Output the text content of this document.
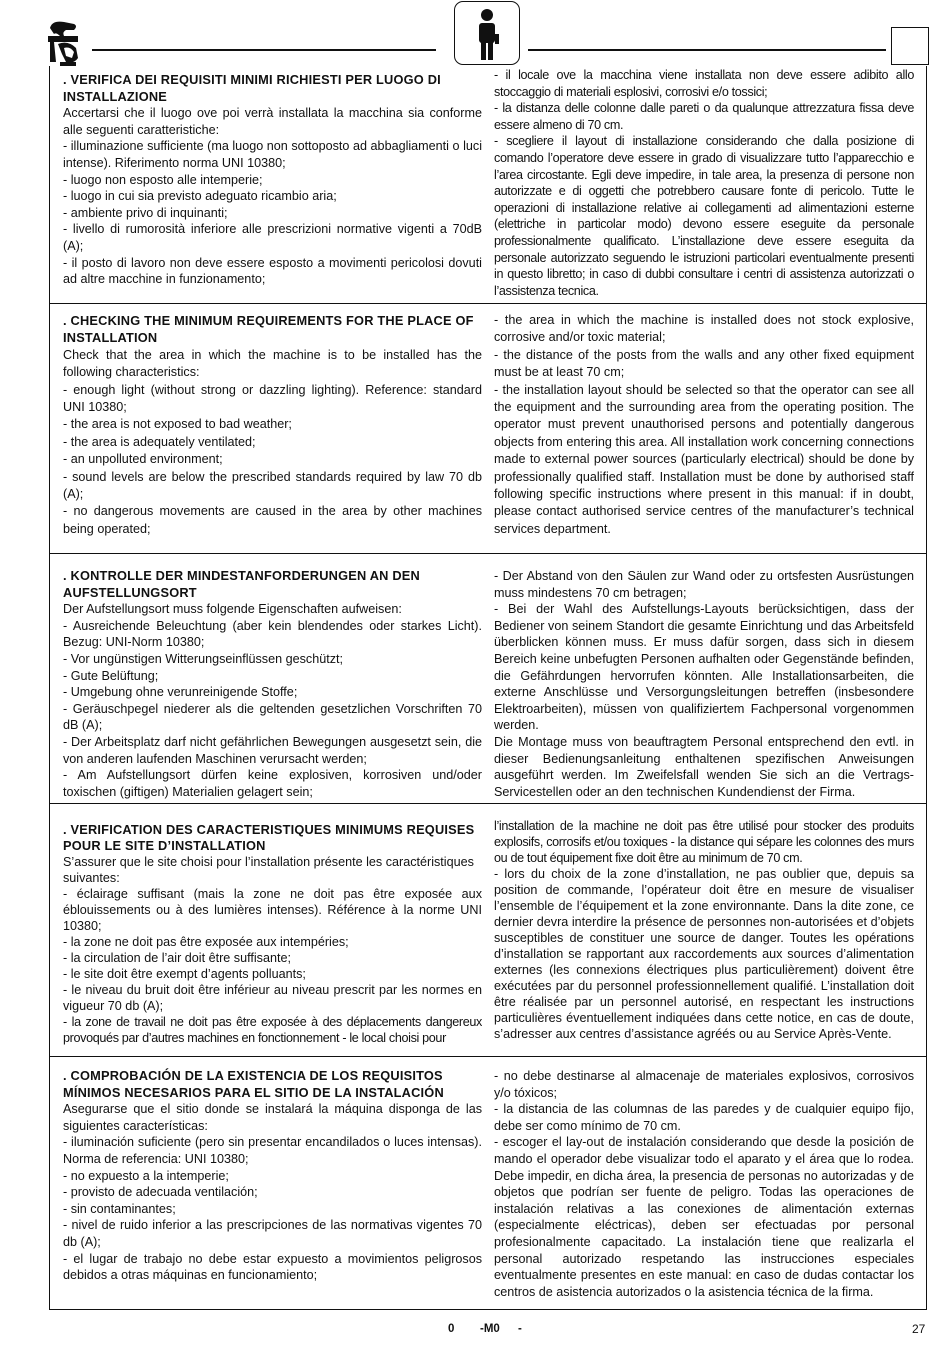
. VERIFICA DEI REQUISITI MINIMI RICHIESTI PER LUOGO DI INSTALLAZIONE

Accertarsi che il luogo ove poi verrà installata la macchina sia conforme alle seguenti caratteristiche:

- illuminazione sufficiente (ma luogo non sottoposto ad abbagliamenti o luci intense). Riferimento norma UNI 10380;

- luogo non esposto alle intemperie;

- luogo in cui sia previsto adeguato ricambio aria;

- ambiente privo di inquinanti;

- livello di rumorosità inferiore alle prescrizioni normative vigenti a 70dB (A);

- il posto di lavoro non deve essere esposto a movimenti pericolosi dovuti ad altre macchine in funzionamento;

- il locale ove la macchina viene installata non deve essere adibito allo stoccaggio di materiali esplosivi, corrosivi e/o tossici;

- la distanza delle colonne dalle pareti o da qualunque attrezzatura fissa deve essere almeno di 70 cm.

- scegliere il layout di installazione considerando che dalla posizione di comando l’operatore deve essere in grado di visualizzare tutto l’apparecchio e l’area circostante. Egli deve impedire, in tale area, la presenza di persone non autorizzate e di oggetti che potrebbero causare fonte di pericolo. Tutte le operazioni di installazione relative ai collegamenti ad alimentazioni esterne (elettriche in particolar modo) devono essere eseguite da personale professionalmente qualificato. L’installazione deve essere eseguita da personale autorizzato seguendo le istruzioni particolari eventualmente presenti in questo libretto; in caso di dubbi consultare i centri di assistenza autorizzati o l’assistenza tecnica.

. CHECKING THE MINIMUM REQUIREMENTS FOR THE PLACE OF INSTALLATION

Check that the area in which the machine is to be installed has the following characteristics:

- enough light (without strong or dazzling lighting). Reference: standard UNI 10380;

- the area is not exposed to bad weather;

- the area is adequately ventilated;

- an unpolluted environment;

- sound levels are below the prescribed standards required by law 70 db (A);

- no dangerous movements are caused in the area by other machines being operated;

- the area in which the machine is installed does not stock explosive, corrosive and/or toxic material;

- the distance of the posts from the walls and any other fixed equipment must be at least 70 cm;

- the installation layout should be selected so that the operator can see all the equipment and the surrounding area from the operating position. The operator must prevent unauthorised persons and potentially dangerous objects from entering this area. All installation work concerning connections made to external power sources (particularly electrical) should be done by professionally qualified staff. Installation must be done by authorised staff following specific instructions where present in this manual: if in doubt, please contact authorised service centres of the manufacturer’s technical services department.

. KONTROLLE DER MINDESTANFORDERUNGEN AN DEN AUFSTELLUNGSORT

Der Aufstellungsort muss folgende Eigenschaften aufweisen:

- Ausreichende Beleuchtung (aber kein blendendes oder starkes Licht). Bezug: UNI-Norm 10380;

- Vor ungünstigen Witterungseinflüssen geschützt;

- Gute Belüftung;

- Umgebung ohne verunreinigende Stoffe;

- Geräuschpegel niederer als die geltenden gesetzlichen Vorschriften 70 dB (A);

- Der Arbeitsplatz darf nicht gefährlichen Bewegungen ausgesetzt sein, die von anderen laufenden Maschinen verursacht werden;

- Am Aufstellungsort dürfen keine explosiven, korrosiven und/oder toxischen (giftigen) Materialien gelagert sein;

- Der Abstand von den Säulen zur Wand oder zu ortsfesten Ausrüstungen muss mindestens 70 cm betragen;

- Bei der Wahl des Aufstellungs-Layouts berücksichtigen, dass der Bediener von seinem Standort die gesamte Einrichtung und das Arbeitsfeld überblicken können muss. Er muss dafür sorgen, dass sich in diesem Bereich keine unbefugten Personen aufhalten oder Gegenstände befinden, die Gefährdungen hervorrufen könnten. Alle Installationsarbeiten, die externe Anschlüsse und Versorgungsleitungen betreffen (insbesondere Elektroarbeiten), müssen von qualifiziertem Fachpersonal vorgenommen werden.

Die Montage muss von beauftragtem Personal entsprechend den evtl. in dieser Bedienungsanleitung enthaltenen spezifischen Anweisungen ausgeführt werden. Im Zweifelsfall wenden Sie sich an die Vertrags-Servicestellen oder an den technischen Kundendienst der Firma.

. VERIFICATION DES CARACTERISTIQUES MINIMUMS REQUISES POUR LE SITE D’INSTALLATION

S’assurer que le site choisi pour l’installation présente les caractéristiques suivantes:

- éclairage suffisant (mais la zone ne doit pas être exposée aux éblouissements ou à des lumières intenses). Référence à la norme UNI 10380;

- la zone ne doit pas être exposée aux intempéries;

- la circulation de l’air doit être suffisante;

- le site doit être exempt d’agents polluants;

- le niveau du bruit doit être inférieur au niveau prescrit par les normes en vigueur 70 db (A);

- la zone de travail ne doit pas être exposée à des déplacements dangereux provoqués par d’autres machines en fonctionnement - le local choisi pour

l’installation de la machine ne doit pas être utilisé pour stocker des produits explosifs, corrosifs et/ou toxiques - la distance qui sépare les colonnes des murs ou de tout équipement fixe doit être au minimum de 70 cm.

- lors du choix de la zone d’installation, ne pas oublier que, depuis sa position de commande, l’opérateur doit être en mesure de visualiser l’ensemble de l’équipement et la zone environnante. Dans la dite zone, ce dernier devra interdire la présence de personnes non-autorisées et d’objets susceptibles de constituer une source de danger. Toutes les opérations d’installation se rapportant aux raccordements aux sources d’alimentation externes (les connexions électriques plus particulièrement) doivent être exécutées par du personnel professionnellement qualifié. L’installation doit être réalisée par un personnel autorisé, en respectant les instructions particulières éventuellement indiquées dans cette notice, en cas de doute, s’adresser aux centres d’assistance agréés ou au Service Après-Vente.

. COMPROBACIÓN DE LA EXISTENCIA DE LOS REQUISITOS MÍNIMOS NECESARIOS PARA EL SITIO DE LA INSTALACIÓN

Asegurarse que el sitio donde se instalará la máquina disponga de las siguientes características:

- iluminación suficiente (pero sin presentar encandilados o luces intensas). Norma de referencia: UNI 10380;

- no expuesto a la intemperie;

- provisto de adecuada ventilación;

- sin contaminantes;

- nivel de ruido inferior a las prescripciones de las normativas vigentes 70 db (A);

- el lugar de trabajo no debe estar expuesto a movimientos peligrosos debidos a otras máquinas en funcionamiento;

- no debe destinarse al almacenaje de materiales explosivos, corrosivos y/o tóxicos;

- la distancia de las columnas de las paredes y de cualquier equipo fijo, debe ser como mínimo de 70 cm.

- escoger el lay-out de instalación considerando que desde la posición de mando el operador debe visualizar todo el aparato y el área que lo rodea. Debe impedir, en dicha área, la presencia de personas no autorizadas y de objetos que podrían ser fuente de peligro. Todas las operaciones de instalación relativas a las conexiones de alimentación externas (especialmente eléctricas), deben ser efectuadas por personal profesionalmente capacitado. La instalación tiene que realizarla el personal autorizado respetando las instrucciones especiales eventualmente presentes en este manual: en caso de dudas contactar los centros de asistencia autorizados o la asistencia técnica de la firma.

0 -M0 -	27
